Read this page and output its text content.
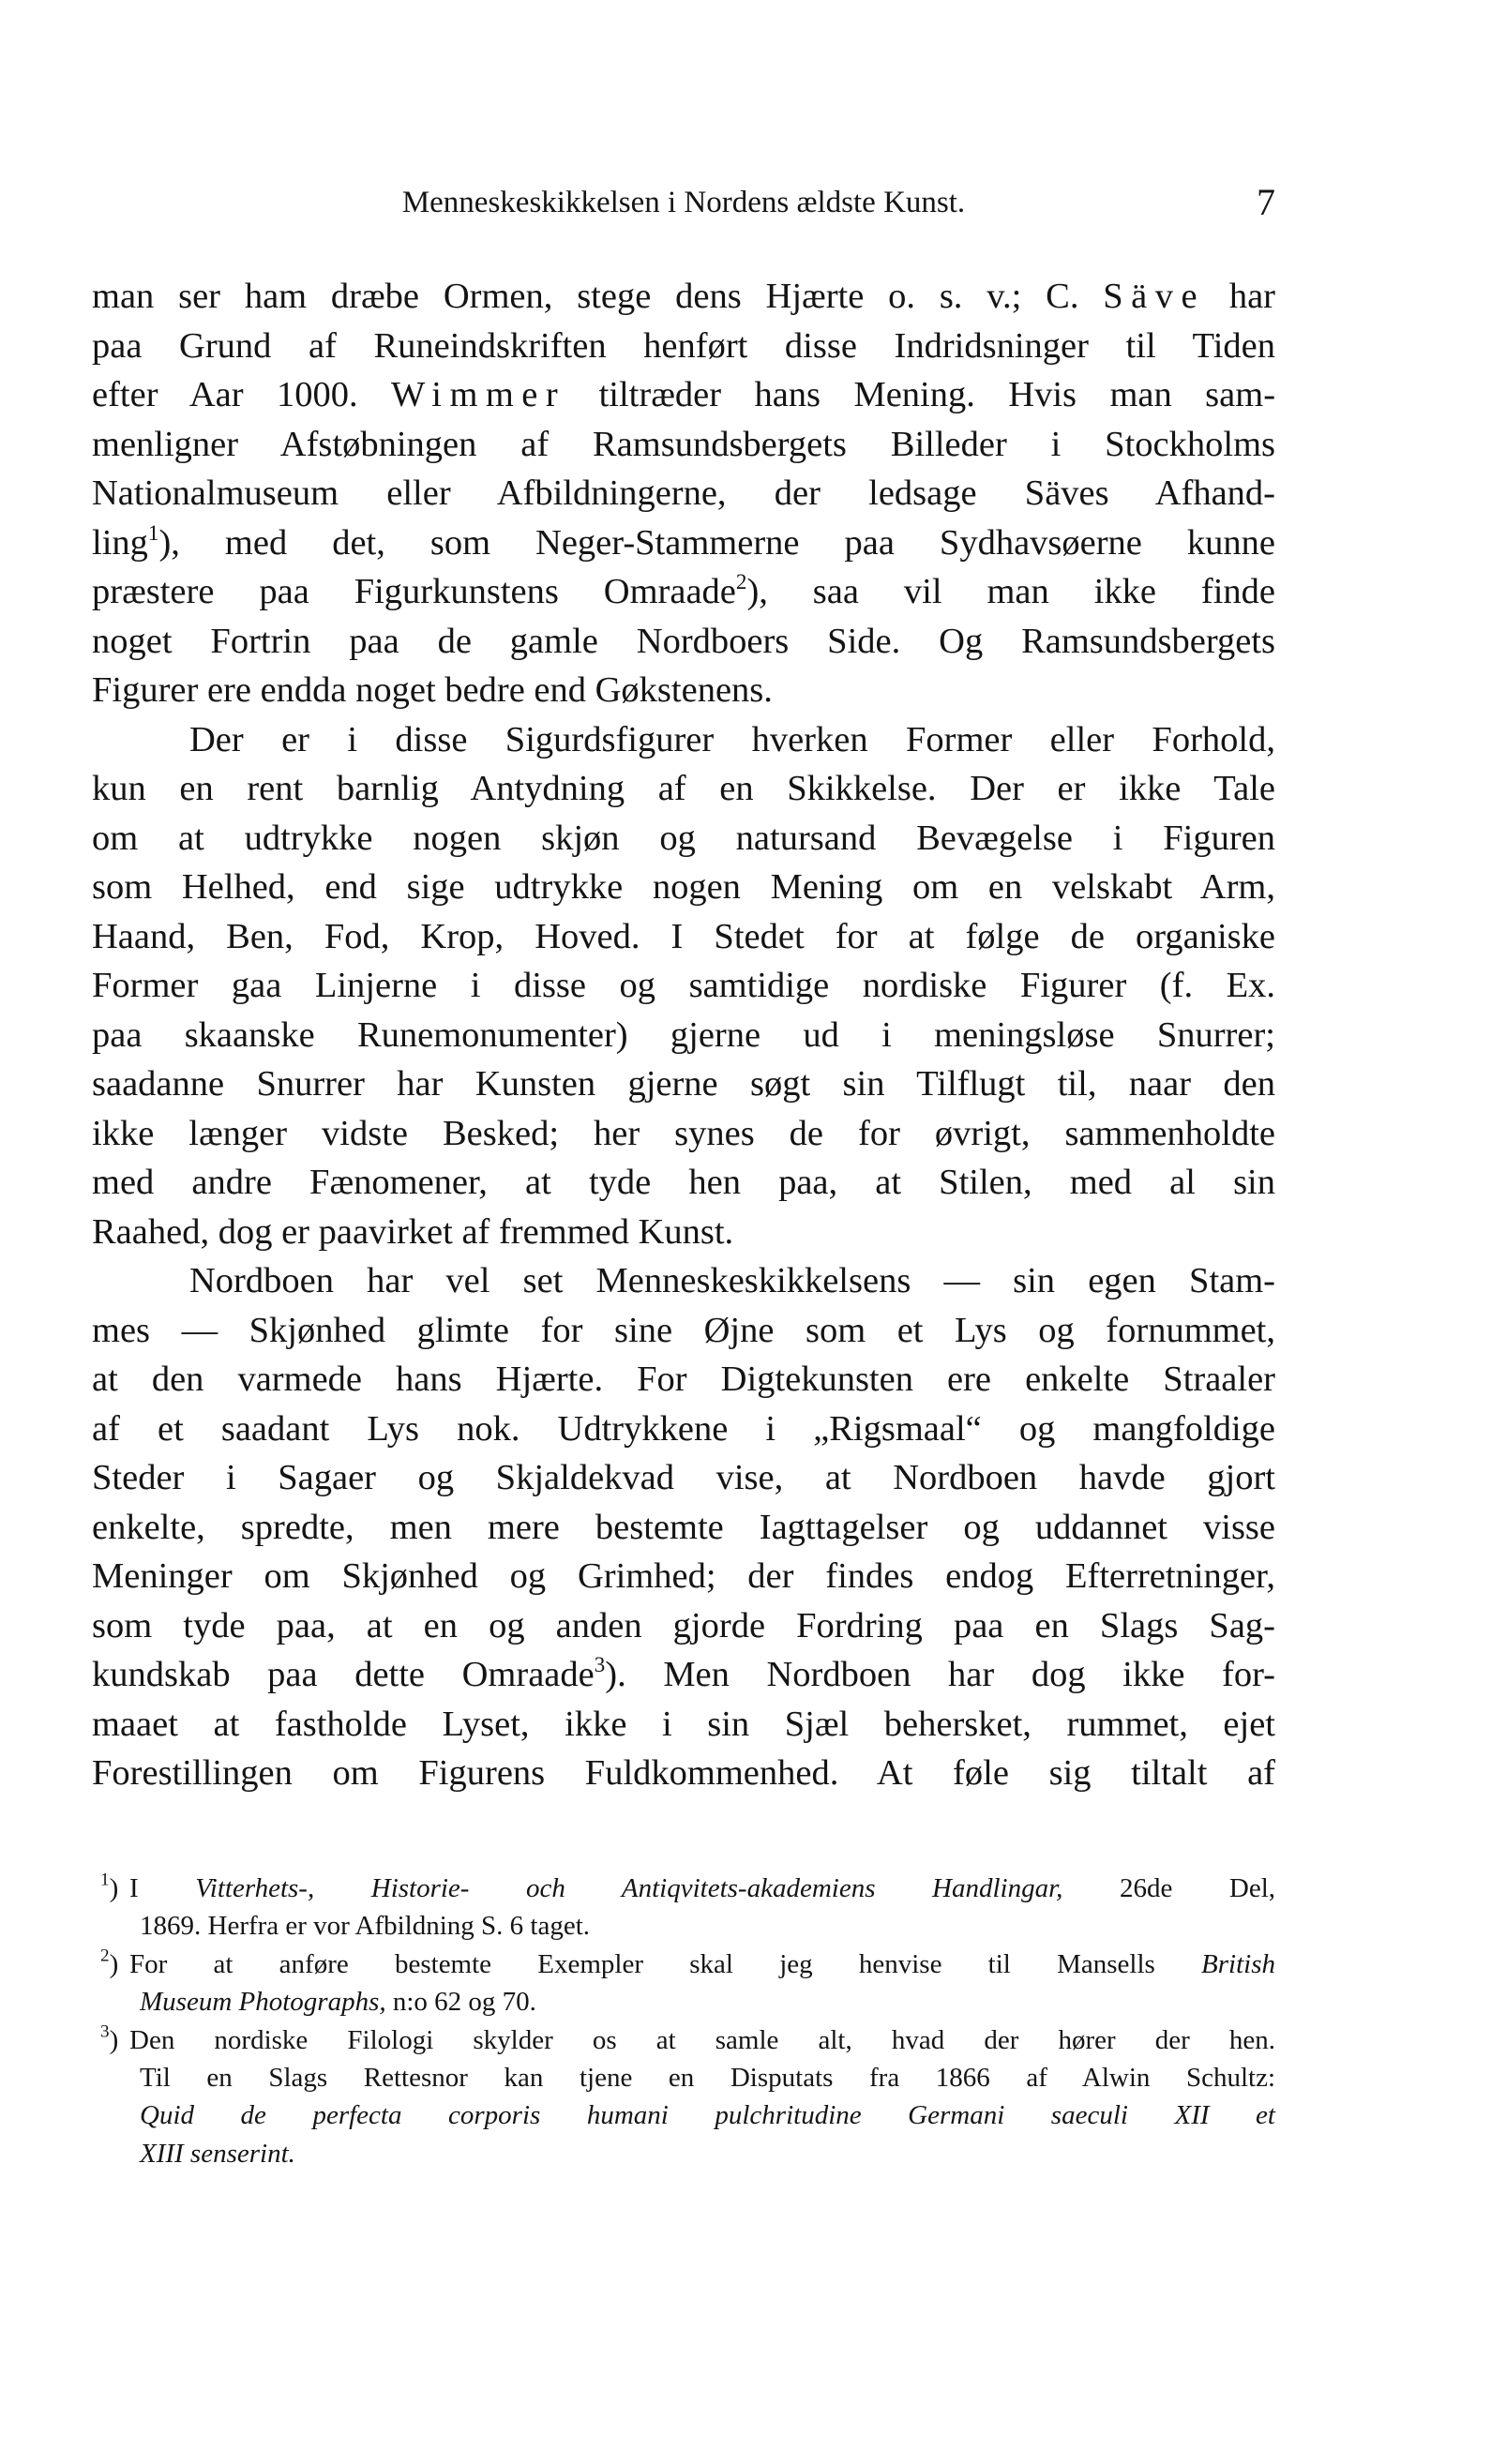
Menneskeskikkelsen i Nordens ældste Kunst.	7
man ser ham dræbe Ormen, stege dens Hjærte o. s. v.; C. Säve har
paa Grund af Runeindskriften henført disse Indridsninger til Tiden
efter Aar 1000. Wimmer tiltræder hans Mening. Hvis man sam-
menligner Afstøbningen af Ramsundsbergets Billeder i Stockholms
Nationalmuseum eller Afbildningerne, der ledsage Säves Afhand-
ling$^1$), med det, som Neger-Stammerne paa Sydhavsøerne kunne
præstere paa Figurkunstens Omraade$^2$), saa vil man ikke finde
noget Fortrin paa de gamle Nordboers Side. Og Ramsundsbergets
Figurer ere endda noget bedre end Gøkstenens.
Der er i disse Sigurdsfigurer hverken Former eller Forhold,
kun en rent barnlig Antydning af en Skikkelse. Der er ikke Tale
om at udtrykke nogen skjøn og natursand Bevægelse i Figuren
som Helhed, end sige udtrykke nogen Mening om en velskabt Arm,
Haand, Ben, Fod, Krop, Hoved. I Stedet for at følge de organiske
Former gaa Linjerne i disse og samtidige nordiske Figurer (f. Ex.
paa skaanske Runemonumenter) gjerne ud i meningsløse Snurrer;
saadanne Snurrer har Kunsten gjerne søgt sin Tilflugt til, naar den
ikke længer vidste Besked; her synes de for øvrigt, sammenholdte
med andre Fænomener, at tyde hen paa, at Stilen, med al sin
Raahed, dog er paavirket af fremmed Kunst.
Nordboen har vel set Menneskeskikkelsens — sin egen Stam-
mes — Skjønhed glimte for sine Øjne som et Lys og fornummet,
at den varmede hans Hjærte. For Digtekunsten ere enkelte Straaler
af et saadant Lys nok. Udtrykkene i „Rigsmaal“ og mangfoldige
Steder i Sagaer og Skjaldekvad vise, at Nordboen havde gjort
enkelte, spredte, men mere bestemte Iagttagelser og uddannet visse
Meninger om Skjønhed og Grimhed; der findes endog Efterretninger,
som tyde paa, at en og anden gjorde Fordring paa en Slags Sag-
kundskab paa dette Omraade$^3$). Men Nordboen har dog ikke for-
maaet at fastholde Lyset, ikke i sin Sjæl behersket, rummet, ejet
Forestillingen om Figurens Fuldkommenhed. At føle sig tiltalt af
$^1$) I Vitterhets-, Historie- och Antiqvitets-akademiens Handlingar, 26de Del,
1869. Herfra er vor Afbildning S. 6 taget.
$^2$) For at anføre bestemte Exempler skal jeg henvise til Mansells British
Museum Photographs, n:o 62 og 70.
$^3$) Den nordiske Filologi skylder os at samle alt, hvad der hører der hen.
Til en Slags Rettesnor kan tjene en Disputats fra 1866 af Alwin Schultz:
Quid de perfecta corporis humani pulchritudine Germani saeculi XII et
XIII senserint.
